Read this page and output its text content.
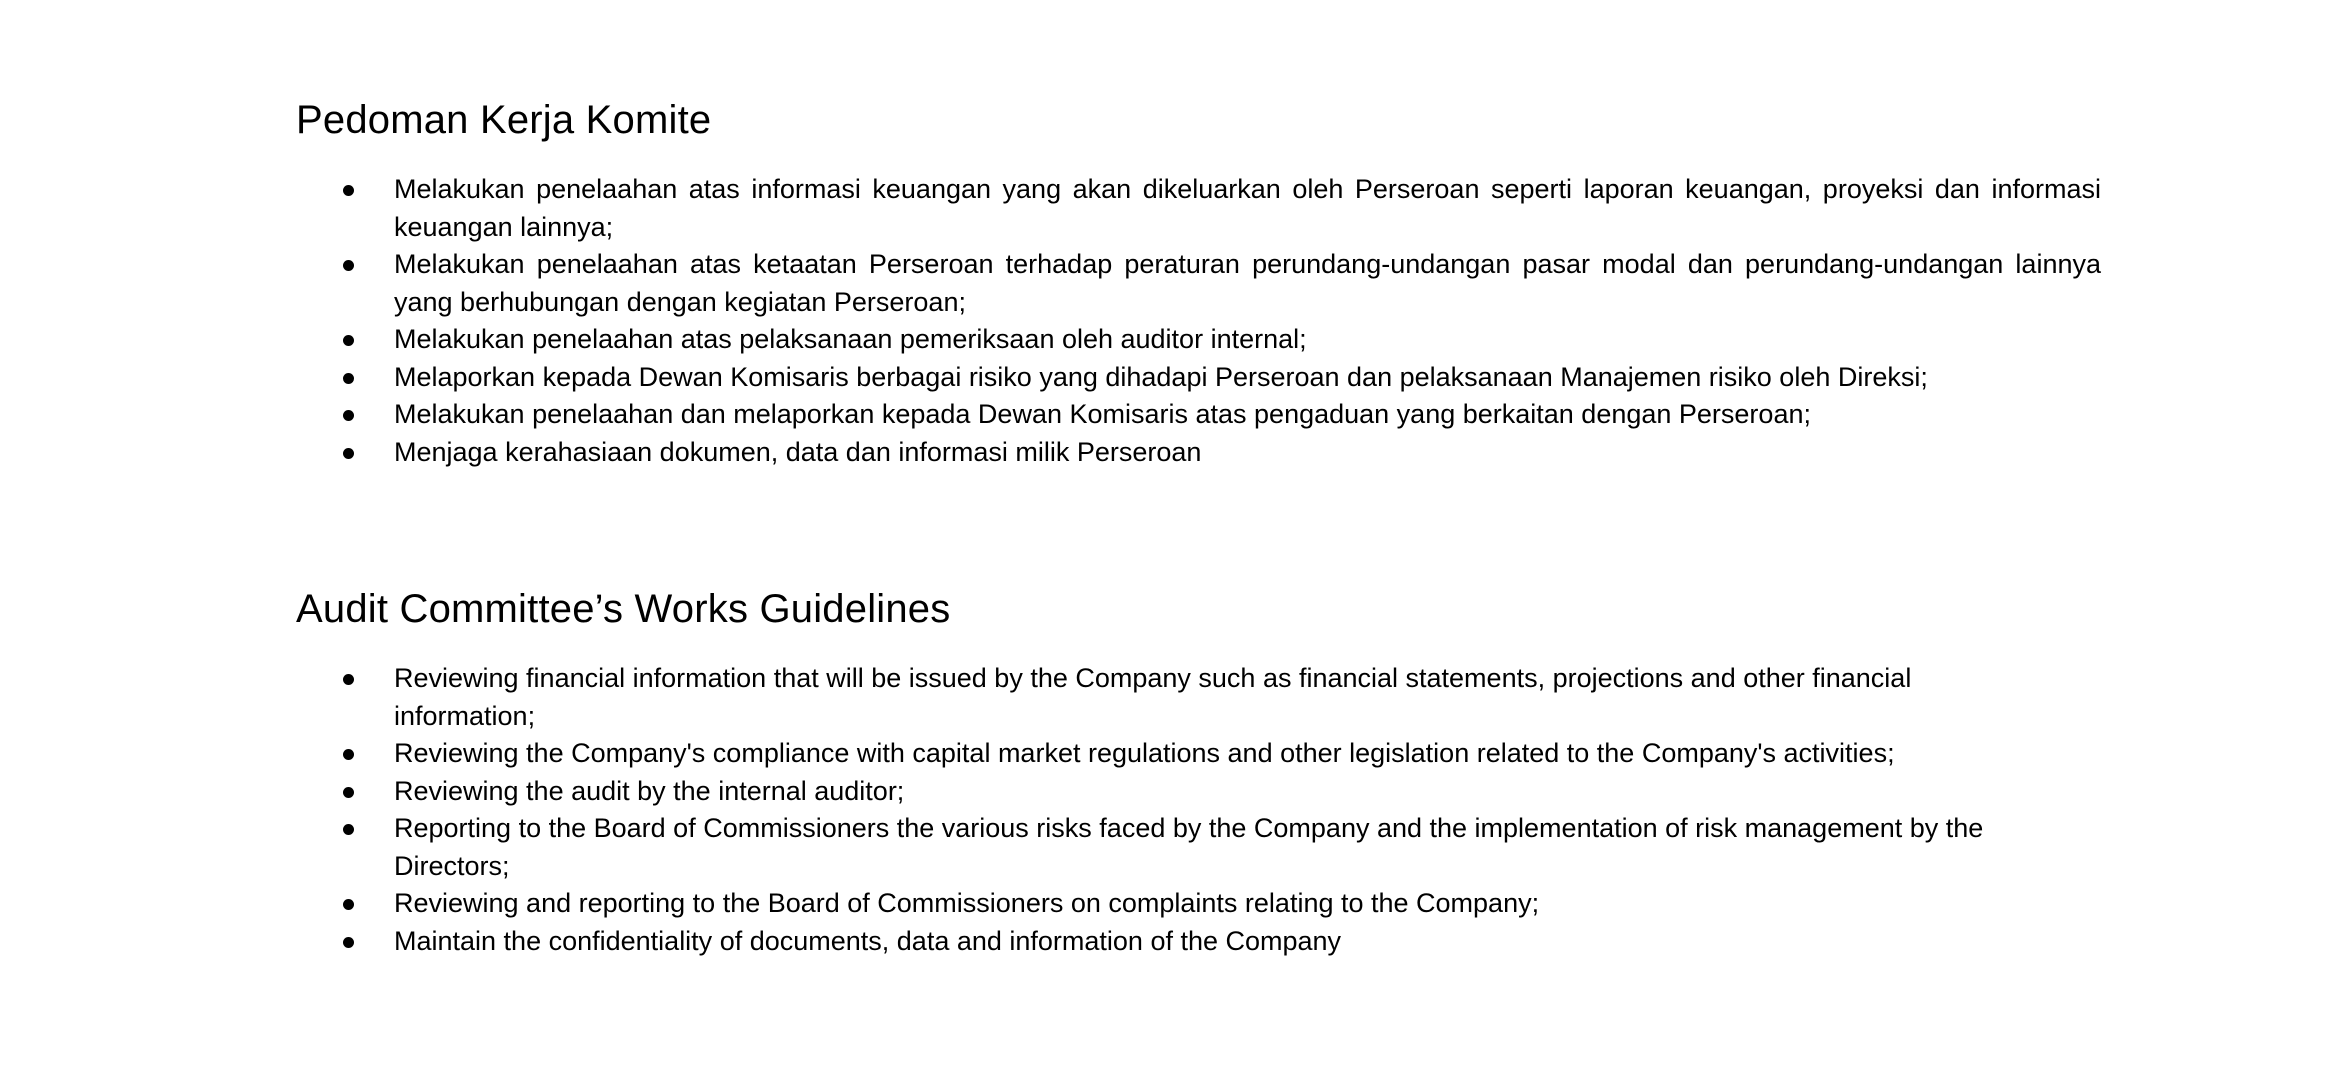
Pedoman Kerja Komite
Melakukan penelaahan atas informasi keuangan yang akan dikeluarkan oleh Perseroan seperti laporan keuangan, proyeksi dan informasi keuangan lainnya;
Melakukan penelaahan atas ketaatan Perseroan terhadap peraturan perundang-undangan pasar modal dan perundang-undangan lainnya yang berhubungan dengan kegiatan Perseroan;
Melakukan penelaahan atas pelaksanaan pemeriksaan oleh auditor internal;
Melaporkan kepada Dewan Komisaris berbagai risiko yang dihadapi Perseroan dan pelaksanaan Manajemen risiko oleh Direksi;
Melakukan penelaahan dan melaporkan kepada Dewan Komisaris atas pengaduan yang berkaitan dengan Perseroan;
Menjaga kerahasiaan dokumen, data dan informasi milik Perseroan
Audit Committee’s Works Guidelines
Reviewing financial information that will be issued by the Company such as financial statements, projections and other financial information;
Reviewing the Company's compliance with capital market regulations and other legislation related to the Company's activities;
Reviewing the audit by the internal auditor;
Reporting to the Board of Commissioners the various risks faced by the Company and the implementation of risk management by the Directors;
Reviewing and reporting to the Board of Commissioners on complaints relating to the Company;
Maintain the confidentiality of documents, data and information of the Company
